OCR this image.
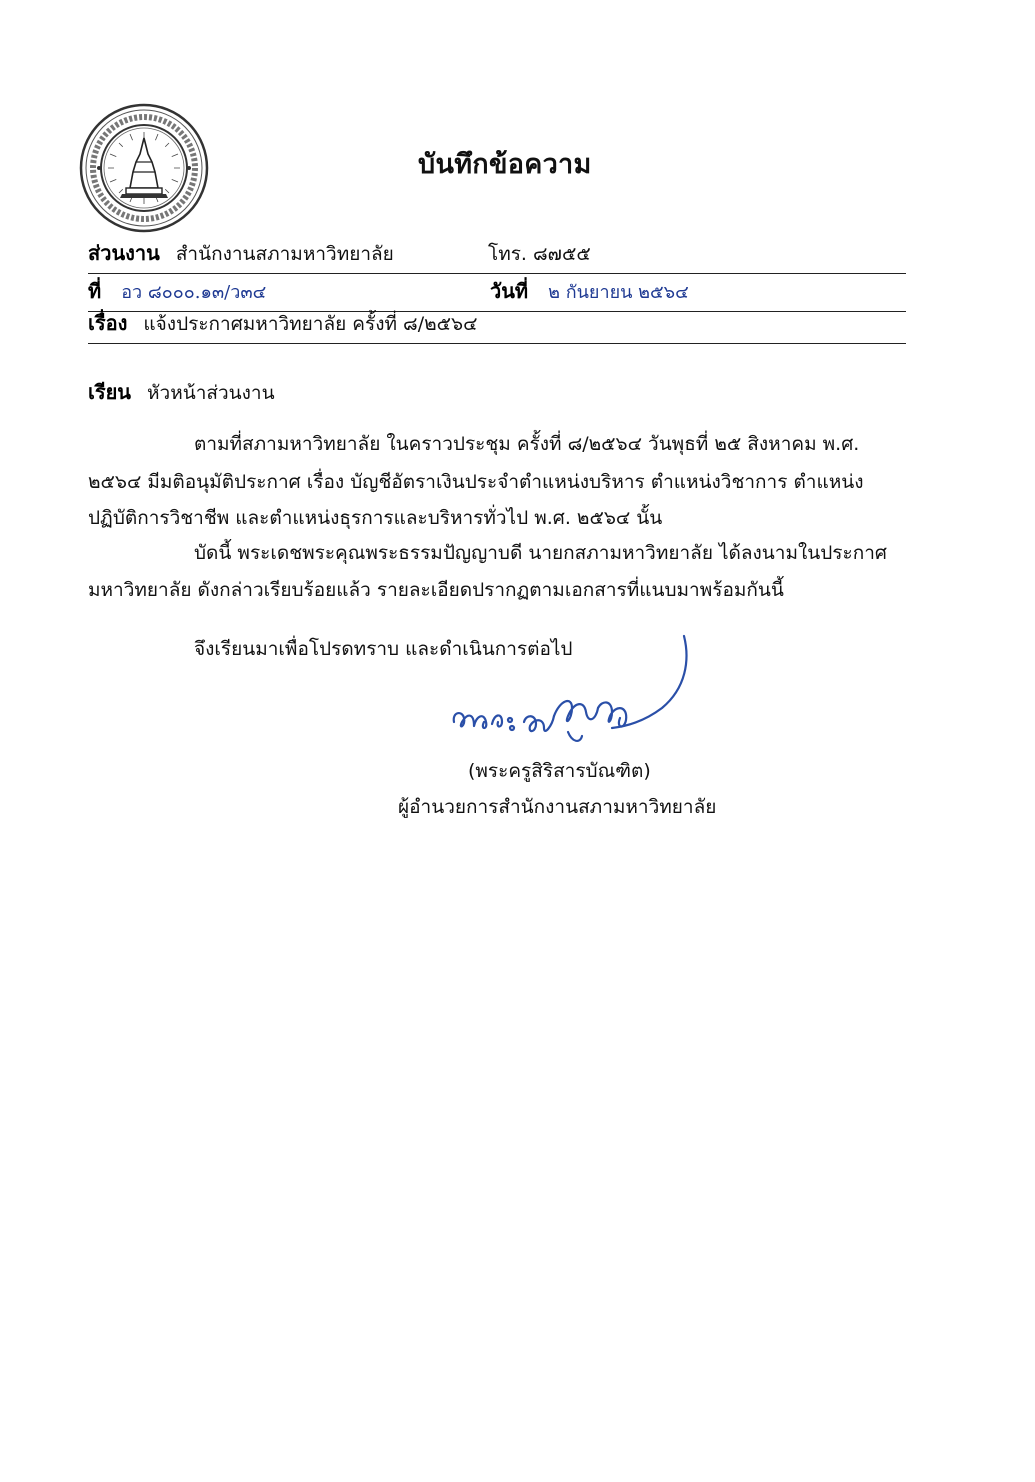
บันทึกข้อความ
ส่วนงาน สำนักงานสภามหาวิทยาลัย	โทร. ๘๗๕๕
ที่ อว ๘๐๐๐.๑๓/ว๓๔	วันที่ ๒ กันยายน ๒๕๖๔
เรื่อง แจ้งประกาศมหาวิทยาลัย ครั้งที่ ๘/๒๕๖๔
เรียน หัวหน้าส่วนงาน
ตามที่สภามหาวิทยาลัย ในคราวประชุม ครั้งที่ ๘/๒๕๖๔ วันพุธที่ ๒๕ สิงหาคม พ.ศ.
๒๕๖๔ มีมติอนุมัติประกาศ เรื่อง บัญชีอัตราเงินประจำตำแหน่งบริหาร ตำแหน่งวิชาการ ตำแหน่ง
ปฏิบัติการวิชาชีพ และตำแหน่งธุรการและบริหารทั่วไป พ.ศ. ๒๕๖๔ นั้น
บัดนี้ พระเดชพระคุณพระธรรมปัญญาบดี นายกสภามหาวิทยาลัย ได้ลงนามในประกาศ
มหาวิทยาลัย ดังกล่าวเรียบร้อยแล้ว รายละเอียดปรากฏตามเอกสารที่แนบมาพร้อมกันนี้
จึงเรียนมาเพื่อโปรดทราบ และดำเนินการต่อไป
(พระครูสิริสารบัณฑิต)
ผู้อำนวยการสำนักงานสภามหาวิทยาลัย
